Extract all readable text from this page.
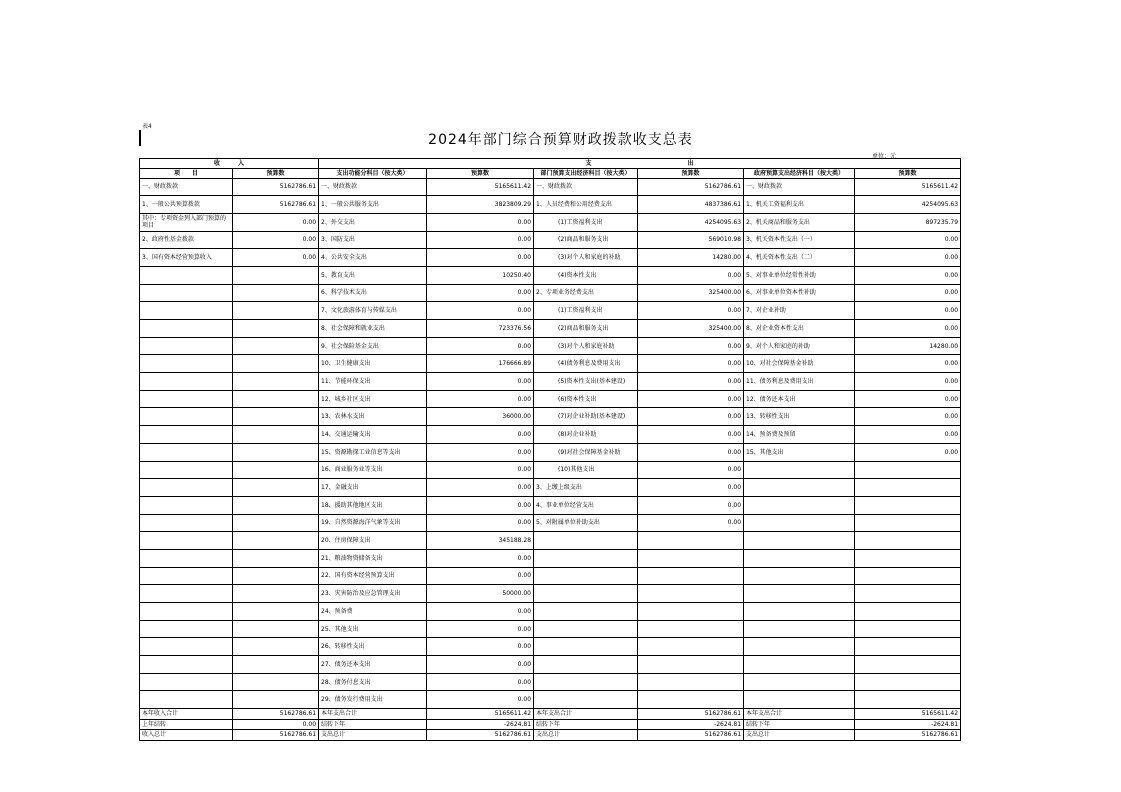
表4
2024年部门综合预算财政拨款收支总表
单位：元
收　　　入		支　　　　　　　　　　　　　　　　出					
项　　目	预算数	支出功能分科目（按大类）	预算数	部门预算支出经济科目（按大类）	预算数	政府预算支出经济科目（按大类）	预算数
一、财政拨款	5162786.61	一、财政拨款	5165611.42	一、财政拨款	5162786.61	一、财政拨款	5165611.42
1、一般公共预算拨款	5162786.61	1、一般公共服务支出	3823809.29	1、人员经费和公用经费支出	4837386.61	1、机关工资福利支出	4254095.63
其中：专项资金列入部门预算的项目	0.00	2、外交支出	0.00	(1)工资福利支出	4254095.63	2、机关商品和服务支出	897235.79
2、政府性基金拨款	0.00	3、国防支出	0.00	(2)商品和服务支出	569010.98	3、机关资本性支出（一）	0.00
3、国有资本经营预算收入	0.00	4、公共安全支出	0.00	(3)对个人和家庭的补助	14280.00	4、机关资本性支出（二）	0.00
		5、教育支出	10250.40	(4)资本性支出	0.00	5、对事业单位经常性补助	0.00
		6、科学技术支出	0.00	2、专项业务经费支出	325400.00	6、对事业单位资本性补助	0.00
		7、文化旅游体育与传媒支出	0.00	(1)工资福利支出	0.00	7、对企业补助	0.00
		8、社会保障和就业支出	723376.56	(2)商品和服务支出	325400.00	8、对企业资本性支出	0.00
		9、社会保险基金支出	0.00	(3)对个人和家庭补助	0.00	9、对个人和家庭的补助	14280.00
		10、卫生健康支出	176666.89	(4)债务利息及费用支出	0.00	10、对社会保障基金补助	0.00
		11、节能环保支出	0.00	(5)资本性支出(基本建设)	0.00	11、债务利息及费用支出	0.00
		12、城乡社区支出	0.00	(6)资本性支出	0.00	12、债务还本支出	0.00
		13、农林水支出	36000.00	(7)对企业补助(基本建设)	0.00	13、转移性支出	0.00
		14、交通运输支出	0.00	(8)对企业补助	0.00	14、预备费及预留	0.00
		15、资源勘探工业信息等支出	0.00	(9)对社会保障基金补助	0.00	15、其他支出	0.00
		16、商业服务业等支出	0.00	(10)其他支出	0.00		
		17、金融支出	0.00	3、上缴上级支出	0.00		
		18、援助其他地区支出	0.00	4、事业单位经营支出	0.00		
		19、自然资源海洋气象等支出	0.00	5、对附属单位补助支出	0.00		
		20、住房保障支出	345188.28				
		21、粮油物资储备支出	0.00				
		22、国有资本经营预算支出	0.00				
		23、灾害防治及应急管理支出	50000.00				
		24、预备费	0.00				
		25、其他支出	0.00				
		26、转移性支出	0.00				
		27、债务还本支出	0.00				
		28、债务付息支出	0.00				
		29、债务发行费用支出	0.00				
本年收入合计	5162786.61	本年支出合计	5165611.42	本年支出合计	5162786.61	本年支出合计	5165611.42
上年结转	0.00	结转下年	-2624.81	结转下年	-2624.81	结转下年	-2624.81
收入总计	5162786.61	支出总计	5162786.61	支出总计	5162786.61	支出总计	5162786.61
